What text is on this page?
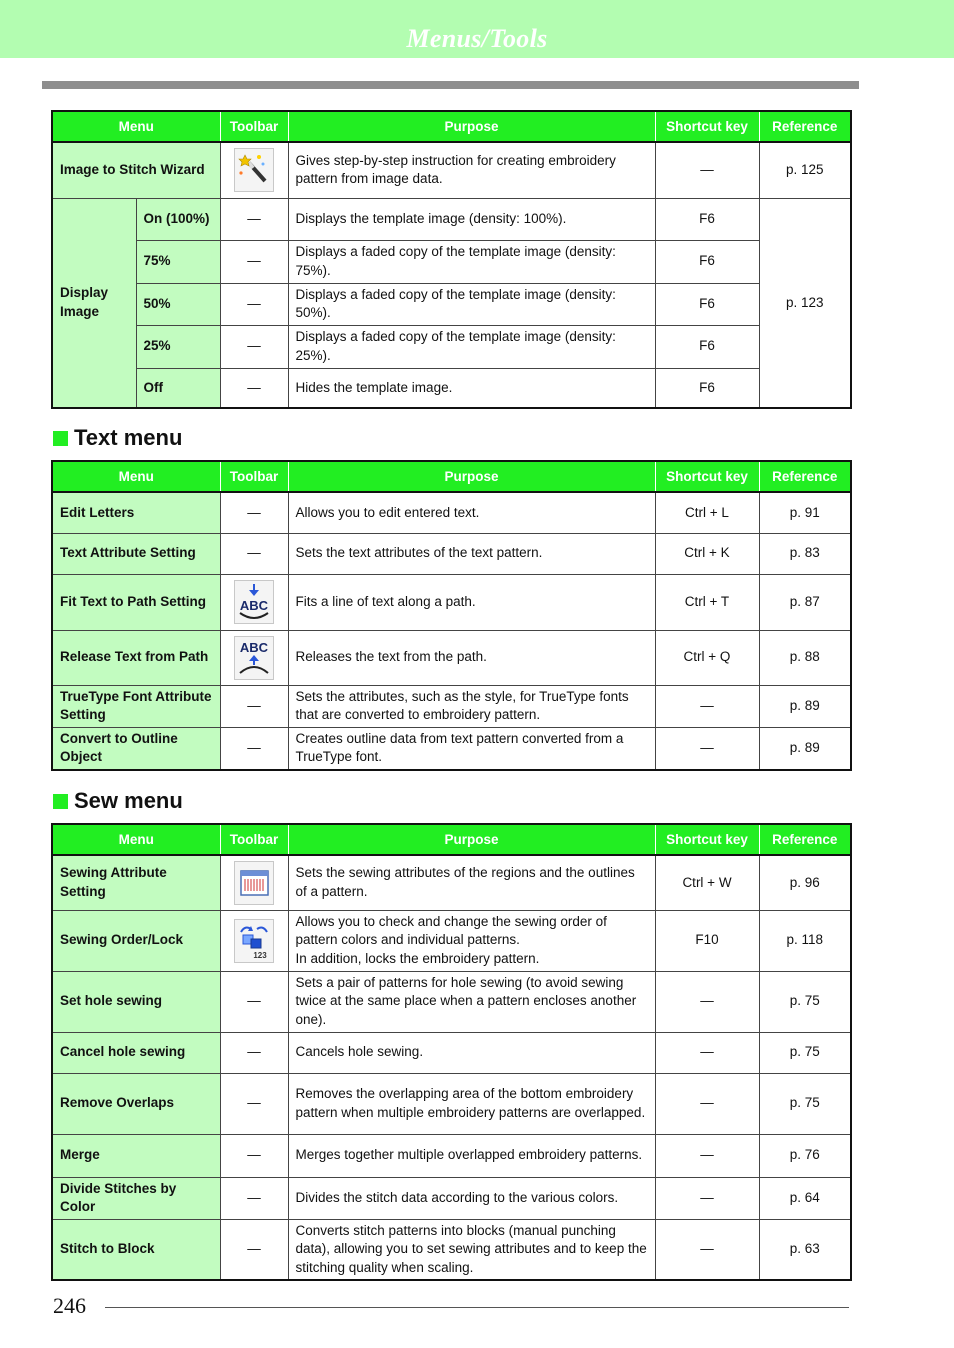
Menus/Tools
Menu		Toolbar	Purpose	Shortcut key	Reference
Image to Stitch Wizard			Gives step-by-step instruction for creating embroidery pattern from image data.	—	p. 125
Display Image	On (100%)	—	Displays the template image (density: 100%).	F6	p. 123
	75%	—	Displays a faded copy of the template image (density: 75%).	F6	
	50%	—	Displays a faded copy of the template image (density: 50%).	F6	
	25%	—	Displays a faded copy of the template image (density: 25%).	F6	
	Off	—	Hides the template image.	F6	
Text menu
Menu	Toolbar	Purpose	Shortcut key	Reference
Edit Letters	—	Allows you to edit entered text.	Ctrl + L	p. 91
Text Attribute Setting	—	Sets the text attributes of the text pattern.	Ctrl + K	p. 83
Fit Text to Path Setting	ABC	Fits a line of text along a path.	Ctrl + T	p. 87
Release Text from Path	ABC	Releases the text from the path.	Ctrl + Q	p. 88
TrueType Font Attribute Setting	—	Sets the attributes, such as the style, for TrueType fonts that are converted to embroidery pattern.	—	p. 89
Convert to Outline Object	—	Creates outline data from text pattern converted from a TrueType font.	—	p. 89
Sew menu
Menu	Toolbar	Purpose	Shortcut key	Reference
Sewing Attribute Setting		Sets the sewing attributes of the regions and the outlines of a pattern.	Ctrl + W	p. 96
Sewing Order/Lock	123	Allows you to check and change the sewing order of pattern colors and individual patterns.
In addition, locks the embroidery pattern.	F10	p. 118
Set hole sewing	—	Sets a pair of patterns for hole sewing (to avoid sewing twice at the same place when a pattern encloses another one).	—	p. 75
Cancel hole sewing	—	Cancels hole sewing.	—	p. 75
Remove Overlaps	—	Removes the overlapping area of the bottom embroidery pattern when multiple embroidery patterns are overlapped.	—	p. 75
Merge	—	Merges together multiple overlapped embroidery patterns.	—	p. 76
Divide Stitches by Color	—	Divides the stitch data according to the various colors.	—	p. 64
Stitch to Block	—	Converts stitch patterns into blocks (manual punching data), allowing you to set sewing attributes and to keep the stitching quality when scaling.	—	p. 63
246
